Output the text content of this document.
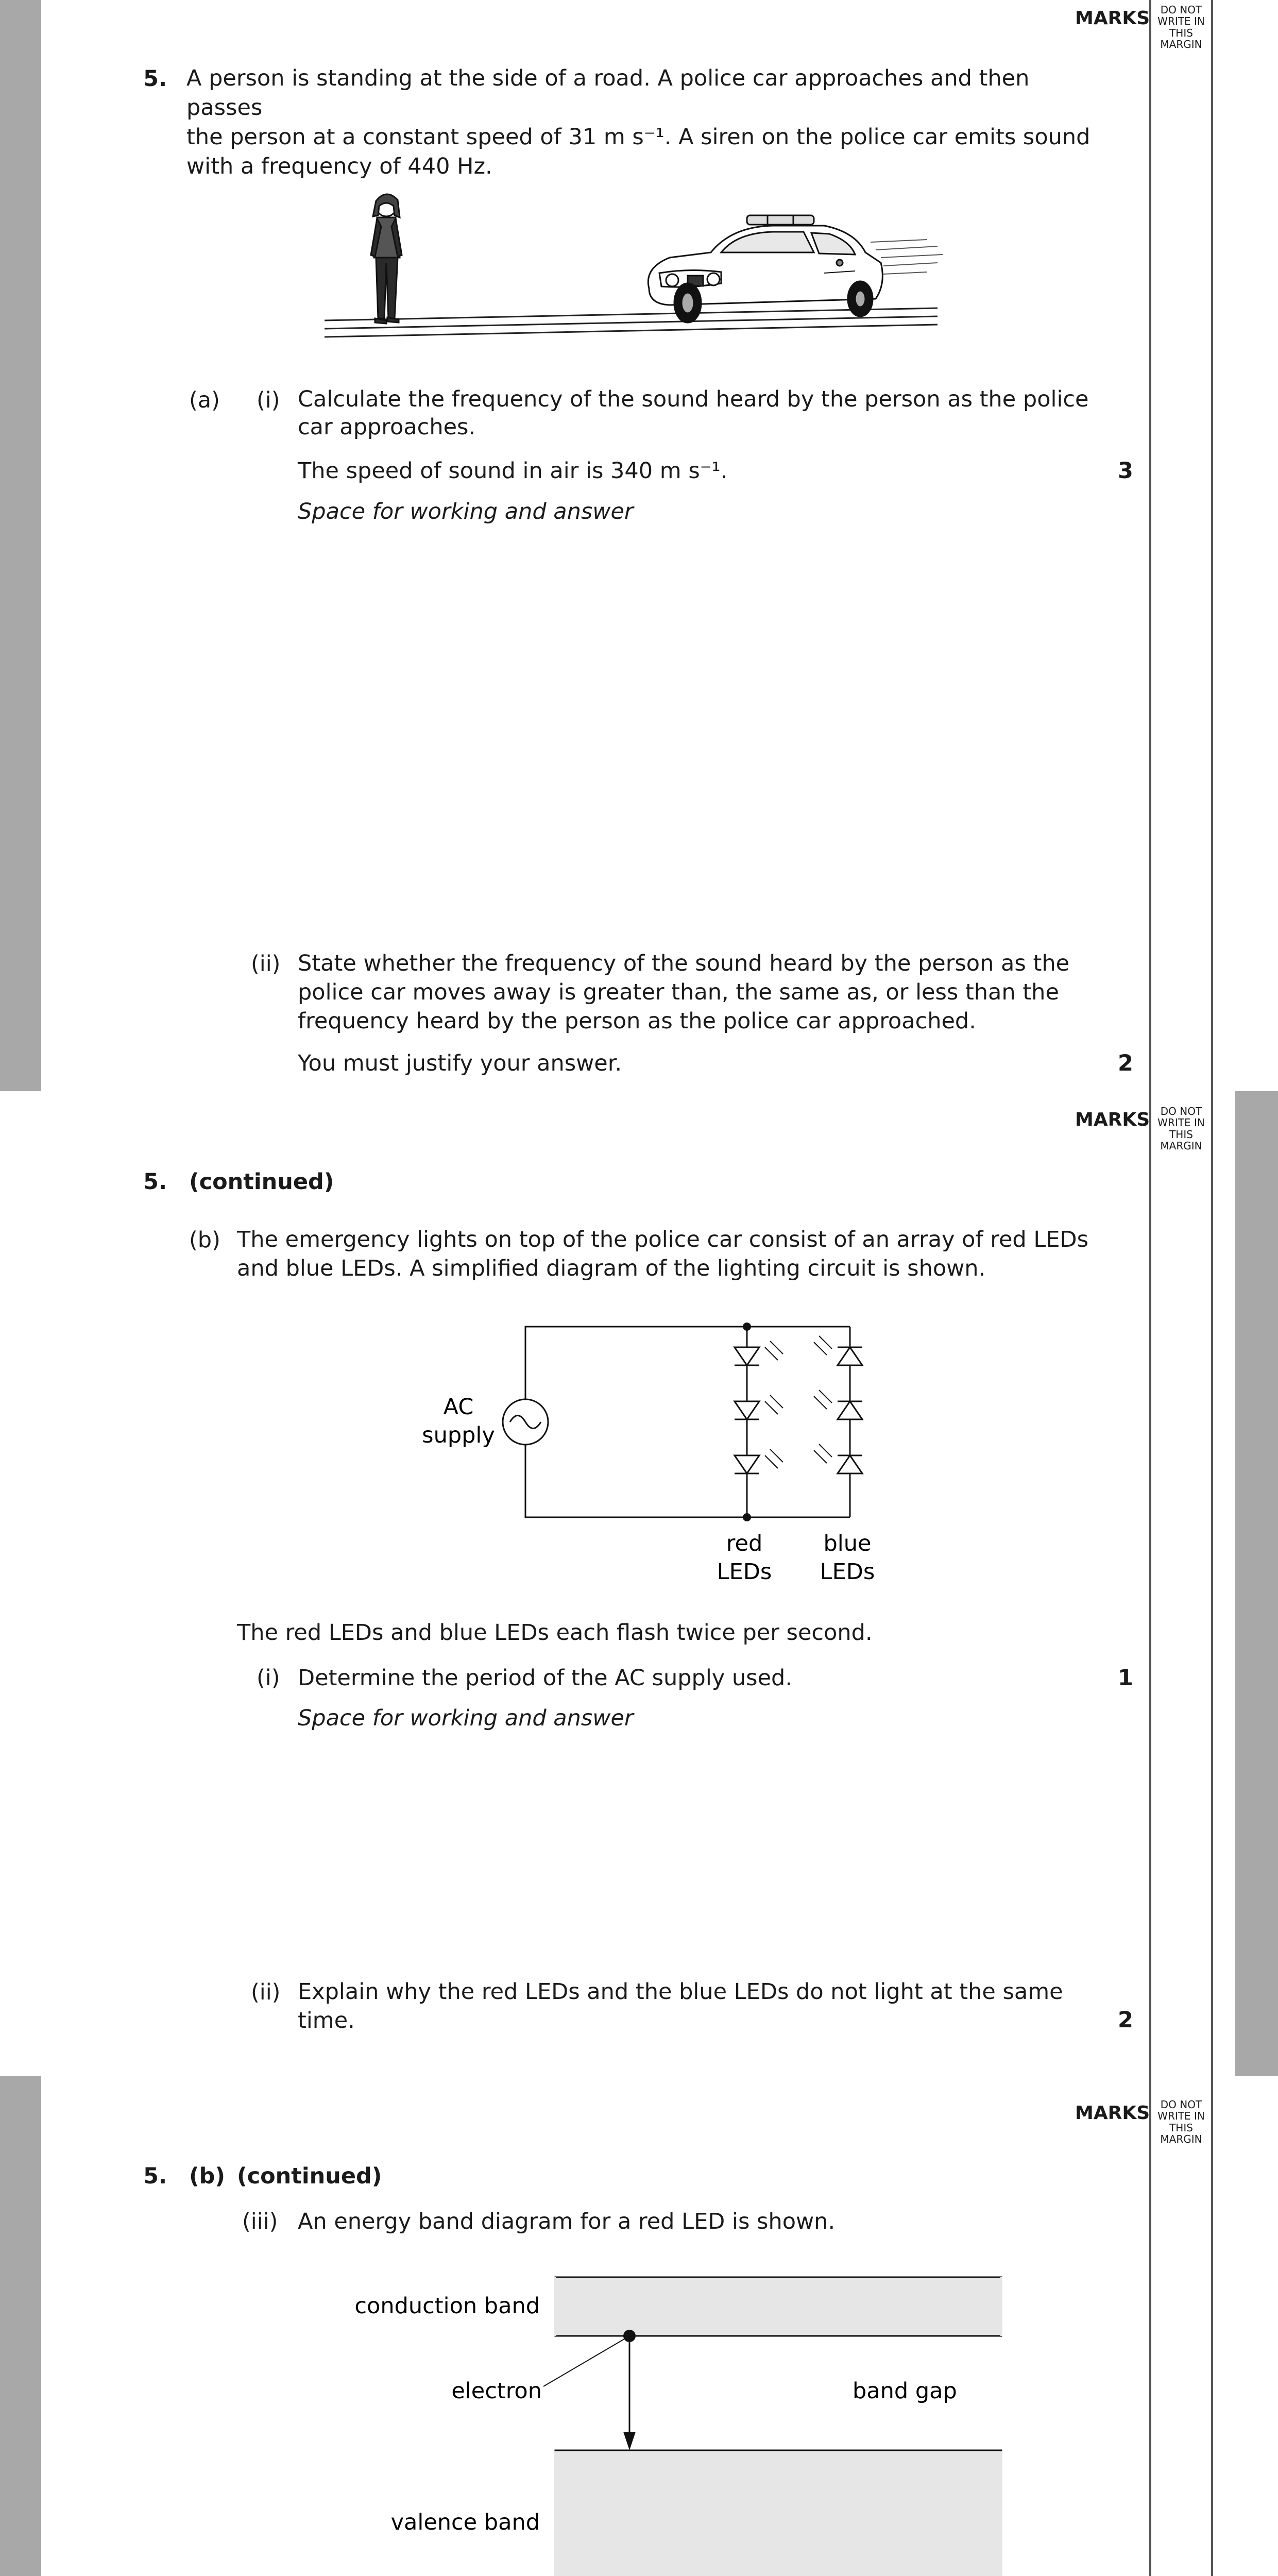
MARKS	DO NOT
WRITE IN
THIS
MARGIN
5. A person is standing at the side of a road. A police car approaches and then passes
the person at a constant speed of 31 m s⁻¹. A siren on the police car emits sound
with a frequency of 440 Hz.
(a) (i) Calculate the frequency of the sound heard by the person as the police
car approaches.
The speed of sound in air is 340 m s⁻¹.	3
Space for working and answer
(ii) State whether the frequency of the sound heard by the person as the
police car moves away is greater than, the same as, or less than the
frequency heard by the person as the police car approached.
You must justify your answer.	2
MARKS	DO NOT
WRITE IN
THIS
MARGIN
5. (continued)
(b) The emergency lights on top of the police car consist of an array of red LEDs
and blue LEDs. A simplified diagram of the lighting circuit is shown.
AC
supply
red
LEDs
blue
LEDs
The red LEDs and blue LEDs each flash twice per second.
(i) Determine the period of the AC supply used.	1
Space for working and answer
(ii) Explain why the red LEDs and the blue LEDs do not light at the same
time.	2
MARKS	DO NOT
WRITE IN
THIS
MARGIN
5. (b) (continued)
(iii) An energy band diagram for a red LED is shown.
conduction band
electron	band gap
valence band
